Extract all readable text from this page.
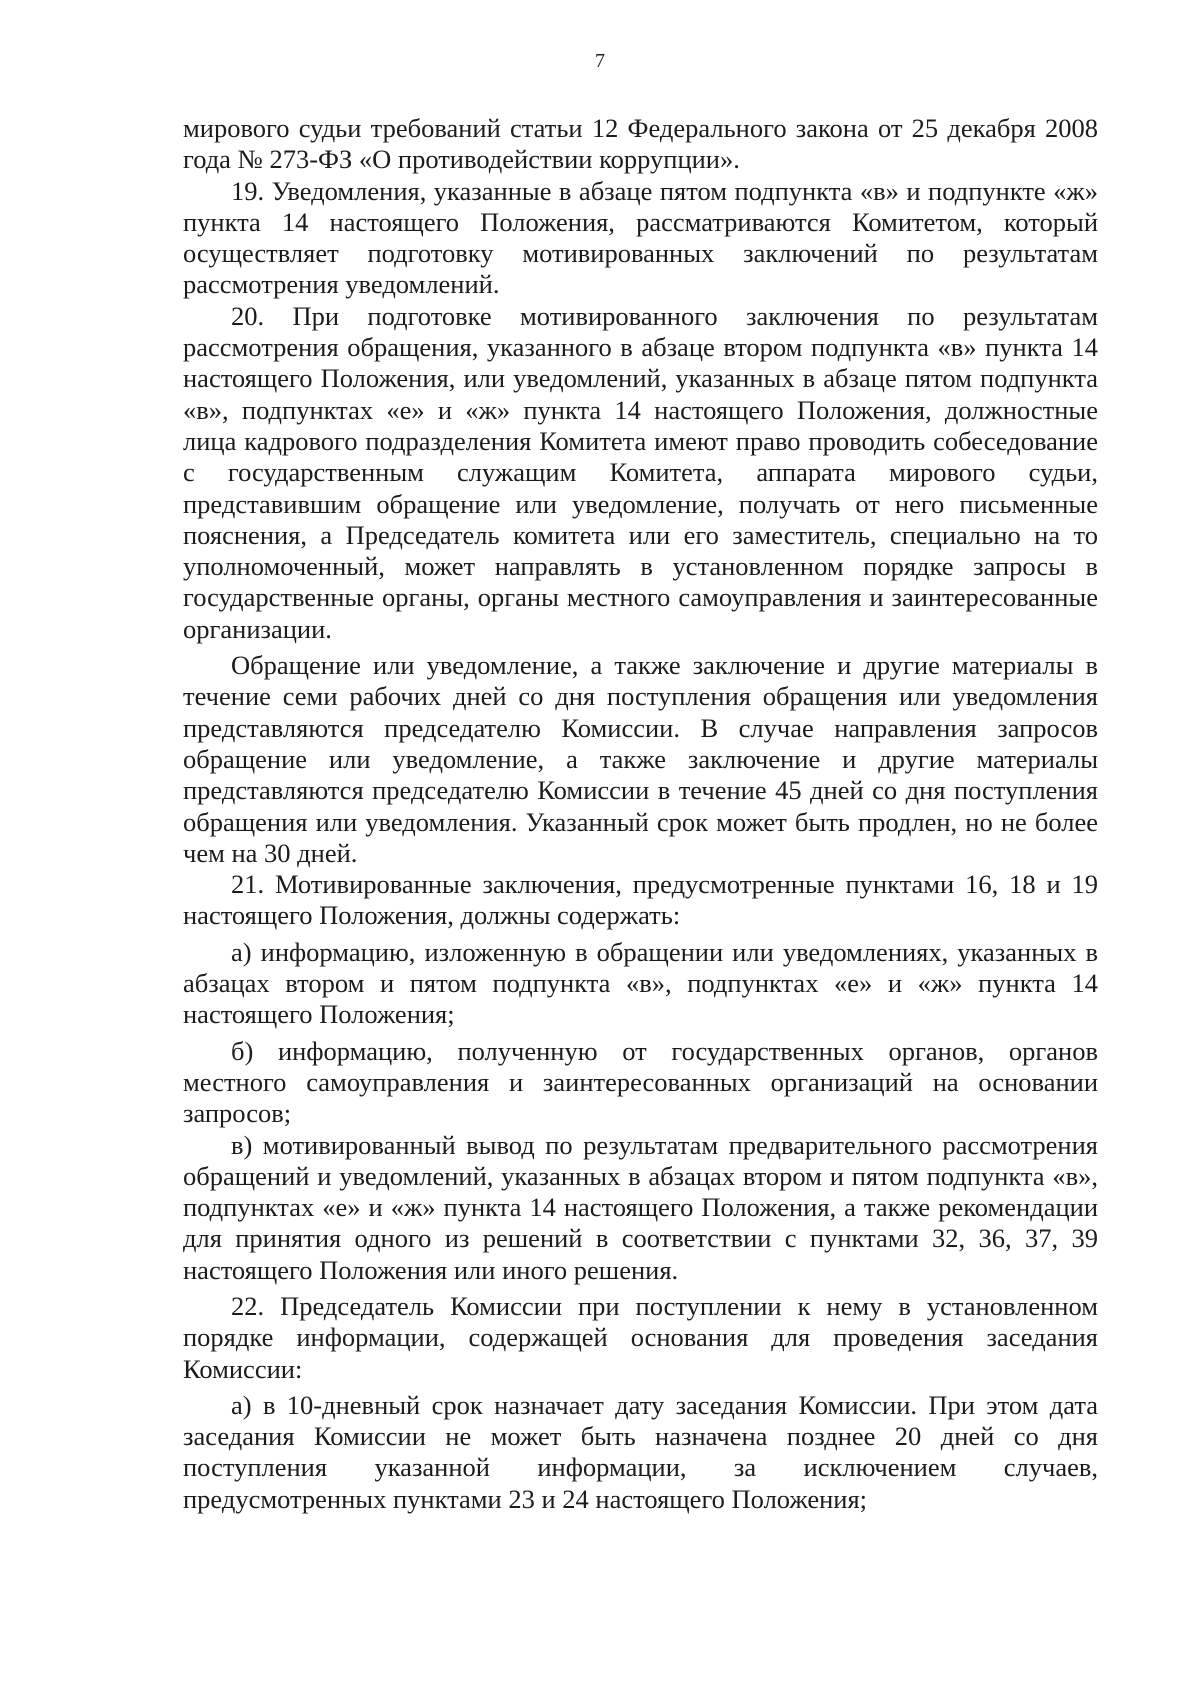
7

мирового судьи требований статьи 12 Федерального закона от 25 декабря 2008 года № 273-ФЗ «О противодействии коррупции».

19. Уведомления, указанные в абзаце пятом подпункта «в» и подпункте «ж» пункта 14 настоящего Положения, рассматриваются Комитетом, который осуществляет подготовку мотивированных заключений по результатам рассмотрения уведомлений.

20. При подготовке мотивированного заключения по результатам рассмотрения обращения, указанного в абзаце втором подпункта «в» пункта 14 настоящего Положения, или уведомлений, указанных в абзаце пятом подпункта «в», подпунктах «е» и «ж» пункта 14 настоящего Положения, должностные лица кадрового подразделения Комитета имеют право проводить собеседование с государственным служащим Комитета, аппарата мирового судьи, представившим обращение или уведомление, получать от него письменные пояснения, а Председатель комитета или его заместитель, специально на то уполномоченный, может направлять в установленном порядке запросы в государственные органы, органы местного самоуправления и заинтересованные организации.

Обращение или уведомление, а также заключение и другие материалы в течение семи рабочих дней со дня поступления обращения или уведомления представляются председателю Комиссии. В случае направления запросов обращение или уведомление, а также заключение и другие материалы представляются председателю Комиссии в течение 45 дней со дня поступления обращения или уведомления. Указанный срок может быть продлен, но не более чем на 30 дней.

21. Мотивированные заключения, предусмотренные пунктами 16, 18 и 19 настоящего Положения, должны содержать:

а) информацию, изложенную в обращении или уведомлениях, указанных в абзацах втором и пятом подпункта «в», подпунктах «е» и «ж» пункта 14 настоящего Положения;

б) информацию, полученную от государственных органов, органов местного самоуправления и заинтересованных организаций на основании запросов;

в) мотивированный вывод по результатам предварительного рассмотрения обращений и уведомлений, указанных в абзацах втором и пятом подпункта «в», подпунктах «е» и «ж» пункта 14 настоящего Положения, а также рекомендации для принятия одного из решений в соответствии с пунктами 32, 36, 37, 39 настоящего Положения или иного решения.

22. Председатель Комиссии при поступлении к нему в установленном порядке информации, содержащей основания для проведения заседания Комиссии:

а) в 10-дневный срок назначает дату заседания Комиссии. При этом дата заседания Комиссии не может быть назначена позднее 20 дней со дня поступления указанной информации, за исключением случаев, предусмотренных пунктами 23 и 24 настоящего Положения;
